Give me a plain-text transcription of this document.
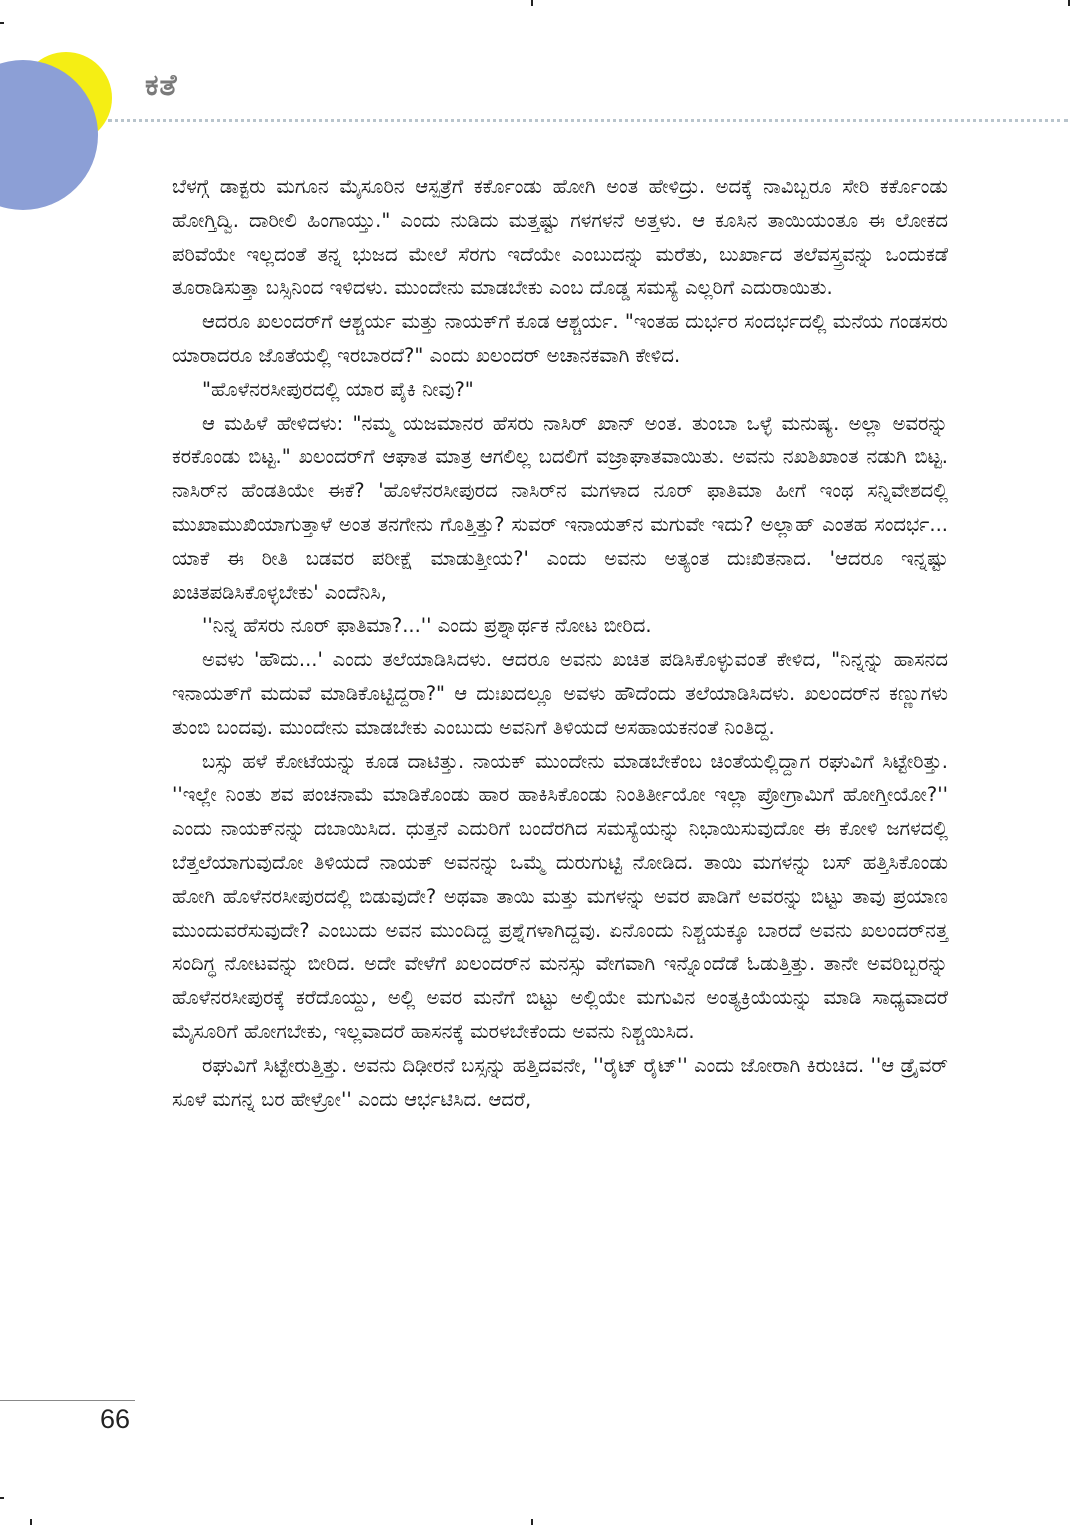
ಕತೆ

ಬೆಳಗ್ಗೆ ಡಾಕ್ಟರು ಮಗೂನ ಮೈಸೂರಿನ ಆಸ್ಪತ್ರೆಗೆ ಕರ್ಕೊಂಡು ಹೋಗಿ ಅಂತ ಹೇಳಿದ್ರು. ಅದಕ್ಕೆ ನಾವಿಬ್ಬರೂ ಸೇರಿ ಕರ್ಕೊಂಡು ಹೋಗ್ತಿದ್ವಿ. ದಾರೀಲಿ ಹಿಂಗಾಯ್ತು." ಎಂದು ನುಡಿದು ಮತ್ತಷ್ಟು ಗಳಗಳನೆ ಅತ್ತಳು. ಆ ಕೂಸಿನ ತಾಯಿಯಂತೂ ಈ ಲೋಕದ ಪರಿವೆಯೇ ಇಲ್ಲದಂತೆ ತನ್ನ ಭುಜದ ಮೇಲೆ ಸೆರಗು ಇದೆಯೇ ಎಂಬುದನ್ನು ಮರೆತು, ಬುರ್ಖಾದ ತಲೆವಸ್ತ್ರವನ್ನು ಒಂದುಕಡೆ ತೂರಾಡಿಸುತ್ತಾ ಬಸ್ಸಿನಿಂದ ಇಳಿದಳು. ಮುಂದೇನು ಮಾಡಬೇಕು ಎಂಬ ದೊಡ್ಡ ಸಮಸ್ಯೆ ಎಲ್ಲರಿಗೆ ಎದುರಾಯಿತು.

ಆದರೂ ಖಲಂದರ್‌ಗೆ ಆಶ್ಚರ್ಯ ಮತ್ತು ನಾಯಕ್‌ಗೆ ಕೂಡ ಆಶ್ಚರ್ಯ. "ಇಂತಹ ದುರ್ಭರ ಸಂದರ್ಭದಲ್ಲಿ ಮನೆಯ ಗಂಡಸರು ಯಾರಾದರೂ ಜೊತೆಯಲ್ಲಿ ಇರಬಾರದೆ?" ಎಂದು ಖಲಂದರ್ ಅಚಾನಕವಾಗಿ ಕೇಳಿದ.

"ಹೊಳೆನರಸೀಪುರದಲ್ಲಿ ಯಾರ ಪೈಕಿ ನೀವು?"

ಆ ಮಹಿಳೆ ಹೇಳಿದಳು: "ನಮ್ಮ ಯಜಮಾನರ ಹೆಸರು ನಾಸಿರ್ ಖಾನ್ ಅಂತ. ತುಂಬಾ ಒಳ್ಳೆ ಮನುಷ್ಯ. ಅಲ್ಲಾ ಅವರನ್ನು ಕರಕೊಂಡು ಬಿಟ್ಟ." ಖಲಂದರ್‌ಗೆ ಆಘಾತ ಮಾತ್ರ ಆಗಲಿಲ್ಲ ಬದಲಿಗೆ ವಜ್ರಾಘಾತವಾಯಿತು. ಅವನು ನಖಶಿಖಾಂತ ನಡುಗಿ ಬಿಟ್ಟ. ನಾಸಿರ್‌ನ ಹೆಂಡತಿಯೇ ಈಕೆ? 'ಹೊಳೆನರಸೀಪುರದ ನಾಸಿರ್‌ನ ಮಗಳಾದ ನೂರ್ ಫಾತಿಮಾ ಹೀಗೆ ಇಂಥ ಸನ್ನಿವೇಶದಲ್ಲಿ ಮುಖಾಮುಖಿಯಾಗುತ್ತಾಳೆ ಅಂತ ತನಗೇನು ಗೊತ್ತಿತ್ತು? ಸುವರ್ ಇನಾಯತ್‌ನ ಮಗುವೇ ಇದು? ಅಲ್ಲಾಹ್ ಎಂತಹ ಸಂದರ್ಭ... ಯಾಕೆ ಈ ರೀತಿ ಬಡವರ ಪರೀಕ್ಷೆ ಮಾಡುತ್ತೀಯ?' ಎಂದು ಅವನು ಅತ್ಯಂತ ದುಃಖಿತನಾದ. 'ಆದರೂ ಇನ್ನಷ್ಟು ಖಚಿತಪಡಿಸಿಕೊಳ್ಳಬೇಕು' ಎಂದೆನಿಸಿ,

''ನಿನ್ನ ಹೆಸರು ನೂರ್ ಫಾತಿಮಾ?...'' ಎಂದು ಪ್ರಶ್ನಾರ್ಥಕ ನೋಟ ಬೀರಿದ.

ಅವಳು 'ಹೌದು...' ಎಂದು ತಲೆಯಾಡಿಸಿದಳು. ಆದರೂ ಅವನು ಖಚಿತ ಪಡಿಸಿಕೊಳ್ಳುವಂತೆ ಕೇಳಿದ, "ನಿನ್ನನ್ನು ಹಾಸನದ ಇನಾಯತ್‌ಗೆ ಮದುವೆ ಮಾಡಿಕೊಟ್ಟಿದ್ದರಾ?" ಆ ದುಃಖದಲ್ಲೂ ಅವಳು ಹೌದೆಂದು ತಲೆಯಾಡಿಸಿದಳು. ಖಲಂದರ್‌ನ ಕಣ್ಣುಗಳು ತುಂಬಿ ಬಂದವು. ಮುಂದೇನು ಮಾಡಬೇಕು ಎಂಬುದು ಅವನಿಗೆ ತಿಳಿಯದೆ ಅಸಹಾಯಕನಂತೆ ನಿಂತಿದ್ದ.

ಬಸ್ಸು ಹಳೆ ಕೋಟೆಯನ್ನು ಕೂಡ ದಾಟಿತ್ತು. ನಾಯಕ್ ಮುಂದೇನು ಮಾಡಬೇಕೆಂಬ ಚಿಂತೆಯಲ್ಲಿದ್ದಾಗ ರಘುವಿಗೆ ಸಿಟ್ಟೇರಿತ್ತು. ''ಇಲ್ಲೇ ನಿಂತು ಶವ ಪಂಚನಾಮೆ ಮಾಡಿಕೊಂಡು ಹಾರ ಹಾಕಿಸಿಕೊಂಡು ನಿಂತಿರ್ತೀಯೋ ಇಲ್ಲಾ ಪ್ರೋಗ್ರಾಮಿಗೆ ಹೋಗ್ತೀಯೋ?'' ಎಂದು ನಾಯಕ್‌ನನ್ನು ದಬಾಯಿಸಿದ. ಧುತ್ತನೆ ಎದುರಿಗೆ ಬಂದೆರಗಿದ ಸಮಸ್ಯೆಯನ್ನು ನಿಭಾಯಿಸುವುದೋ ಈ ಕೋಳಿ ಜಗಳದಲ್ಲಿ ಬೆತ್ತಲೆಯಾಗುವುದೋ ತಿಳಿಯದೆ ನಾಯಕ್ ಅವನನ್ನು ಒಮ್ಮೆ ದುರುಗುಟ್ಟಿ ನೋಡಿದ. ತಾಯಿ ಮಗಳನ್ನು ಬಸ್ ಹತ್ತಿಸಿಕೊಂಡು ಹೋಗಿ ಹೊಳೆನರಸೀಪುರದಲ್ಲಿ ಬಿಡುವುದೇ? ಅಥವಾ ತಾಯಿ ಮತ್ತು ಮಗಳನ್ನು ಅವರ ಪಾಡಿಗೆ ಅವರನ್ನು ಬಿಟ್ಟು ತಾವು ಪ್ರಯಾಣ ಮುಂದುವರೆಸುವುದೇ? ಎಂಬುದು ಅವನ ಮುಂದಿದ್ದ ಪ್ರಶ್ನೆಗಳಾಗಿದ್ದವು. ಏನೊಂದು ನಿಶ್ಚಯಕ್ಕೂ ಬಾರದೆ ಅವನು ಖಲಂದರ್‌ನತ್ತ ಸಂದಿಗ್ಧ ನೋಟವನ್ನು ಬೀರಿದ. ಅದೇ ವೇಳೆಗೆ ಖಲಂದರ್‌ನ ಮನಸ್ಸು ವೇಗವಾಗಿ ಇನ್ನೊಂದೆಡೆ ಓಡುತ್ತಿತ್ತು. ತಾನೇ ಅವರಿಬ್ಬರನ್ನು ಹೊಳೆನರಸೀಪುರಕ್ಕೆ ಕರೆದೊಯ್ದು, ಅಲ್ಲಿ ಅವರ ಮನೆಗೆ ಬಿಟ್ಟು ಅಲ್ಲಿಯೇ ಮಗುವಿನ ಅಂತ್ಯಕ್ರಿಯೆಯನ್ನು ಮಾಡಿ ಸಾಧ್ಯವಾದರೆ ಮೈಸೂರಿಗೆ ಹೋಗಬೇಕು, ಇಲ್ಲವಾದರೆ ಹಾಸನಕ್ಕೆ ಮರಳಬೇಕೆಂದು ಅವನು ನಿಶ್ಚಯಿಸಿದ.

ರಘುವಿಗೆ ಸಿಟ್ಟೇರುತ್ತಿತ್ತು. ಅವನು ದಿಢೀರನೆ ಬಸ್ಸನ್ನು ಹತ್ತಿದವನೇ, ''ರೈಟ್ ರೈಟ್'' ಎಂದು ಜೋರಾಗಿ ಕಿರುಚಿದ. ''ಆ ಡ್ರೈವರ್ ಸೂಳೆ ಮಗನ್ನ ಬರ ಹೇಳ್ರೋ'' ಎಂದು ಆರ್ಭಟಿಸಿದ. ಆದರೆ,

66
